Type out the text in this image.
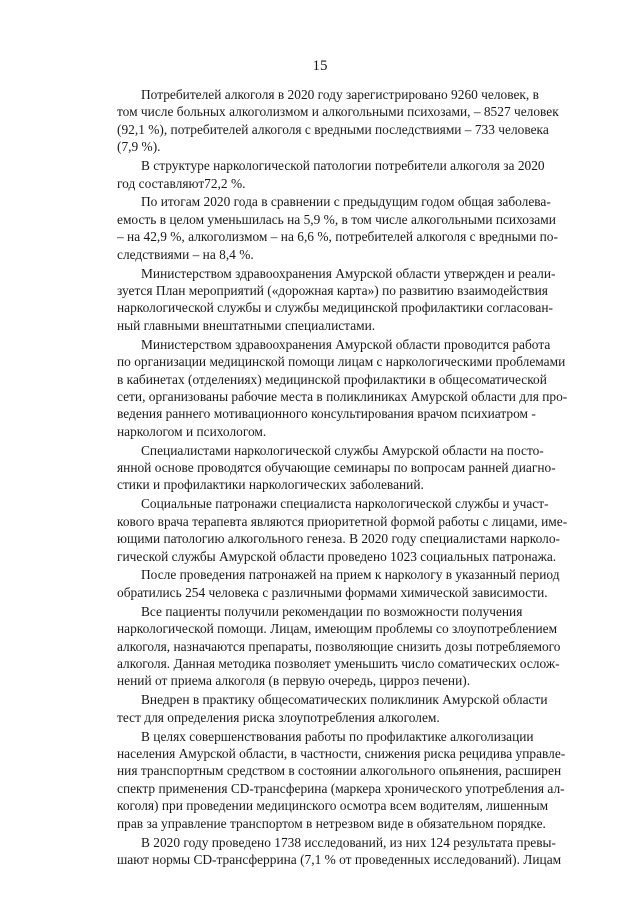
15

Потребителей алкоголя в 2020 году зарегистрировано 9260 человек, в
том числе больных алкоголизмом и алкогольными психозами, – 8527 человек
(92,1 %), потребителей алкоголя с вредными последствиями – 733 человека
(7,9 %).

В структуре наркологической патологии потребители алкоголя за 2020
год составляют72,2 %.

По итогам 2020 года в сравнении с предыдущим годом общая заболева-
емость в целом уменьшилась на 5,9 %, в том числе алкогольными психозами
– на 42,9 %, алкоголизмом – на 6,6 %, потребителей алкоголя с вредными по-
следствиями – на 8,4 %.

Министерством здравоохранения Амурской области утвержден и реали-
зуется План мероприятий («дорожная карта») по развитию взаимодействия
наркологической службы и службы медицинской профилактики согласован-
ный главными внештатными специалистами.

Министерством здравоохранения Амурской области проводится работа
по организации медицинской помощи лицам с наркологическими проблемами
в кабинетах (отделениях) медицинской профилактики в общесоматической
сети, организованы рабочие места в поликлиниках Амурской области для про-
ведения раннего мотивационного консультирования врачом психиатром -
наркологом и психологом.

Специалистами наркологической службы Амурской области на посто-
янной основе проводятся обучающие семинары по вопросам ранней диагно-
стики и профилактики наркологических заболеваний.

Социальные патронажи специалиста наркологической службы и участ-
кового врача терапевта являются приоритетной формой работы с лицами, име-
ющими патологию алкогольного генеза. В 2020 году специалистами нарколо-
гической службы Амурской области проведено 1023 социальных патронажа.

После проведения патронажей на прием к наркологу в указанный период
обратились 254 человека с различными формами химической зависимости.

Все пациенты получили рекомендации по возможности получения
наркологической помощи. Лицам, имеющим проблемы со злоупотреблением
алкоголя, назначаются препараты, позволяющие снизить дозы потребляемого
алкоголя. Данная методика позволяет уменьшить число соматических ослож-
нений от приема алкоголя (в первую очередь, цирроз печени).

Внедрен в практику общесоматических поликлиник Амурской области
тест для определения риска злоупотребления алкоголем.

В целях совершенствования работы по профилактике алкоголизации
населения Амурской области, в частности, снижения риска рецидива управле-
ния транспортным средством в состоянии алкогольного опьянения, расширен
спектр применения CD-трансферина (маркера хронического употребления ал-
коголя) при проведении медицинского осмотра всем водителям, лишенным
прав за управление транспортом в нетрезвом виде в обязательном порядке.

В 2020 году проведено 1738 исследований, из них 124 результата превы-
шают нормы CD-трансферрина (7,1 % от проведенных исследований). Лицам
